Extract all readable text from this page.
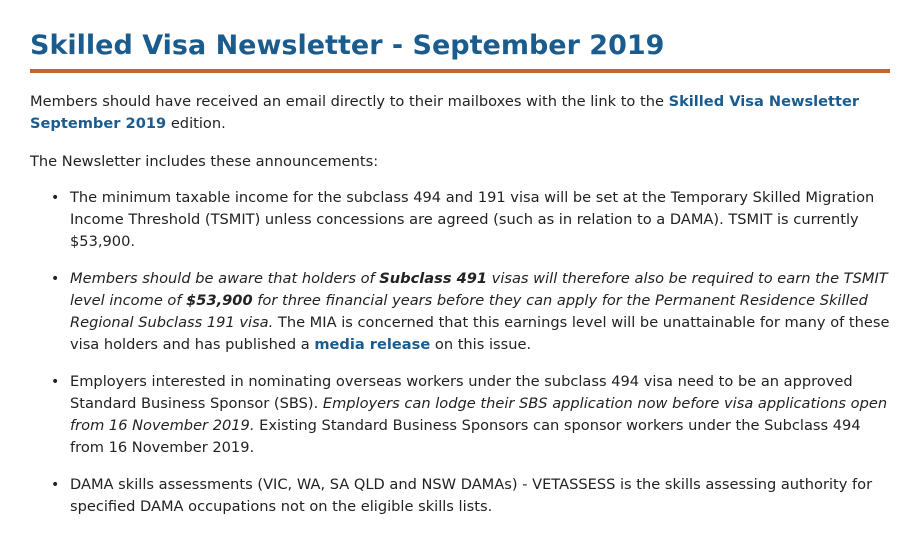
Skilled Visa Newsletter - September 2019

Members should have received an email directly to their mailboxes with the link to the Skilled Visa Newsletter September 2019 edition.

The Newsletter includes these announcements:

• The minimum taxable income for the subclass 494 and 191 visa will be set at the Temporary Skilled Migration Income Threshold (TSMIT) unless concessions are agreed (such as in relation to a DAMA). TSMIT is currently $53,900.
• Members should be aware that holders of Subclass 491 visas will therefore also be required to earn the TSMIT level income of $53,900 for three financial years before they can apply for the Permanent Residence Skilled Regional Subclass 191 visa. The MIA is concerned that this earnings level will be unattainable for many of these visa holders and has published a media release on this issue.
• Employers interested in nominating overseas workers under the subclass 494 visa need to be an approved Standard Business Sponsor (SBS). Employers can lodge their SBS application now before visa applications open from 16 November 2019. Existing Standard Business Sponsors can sponsor workers under the Subclass 494 from 16 November 2019.
• DAMA skills assessments (VIC, WA, SA QLD and NSW DAMAs) - VETASSESS is the skills assessing authority for specified DAMA occupations not on the eligible skills lists.
